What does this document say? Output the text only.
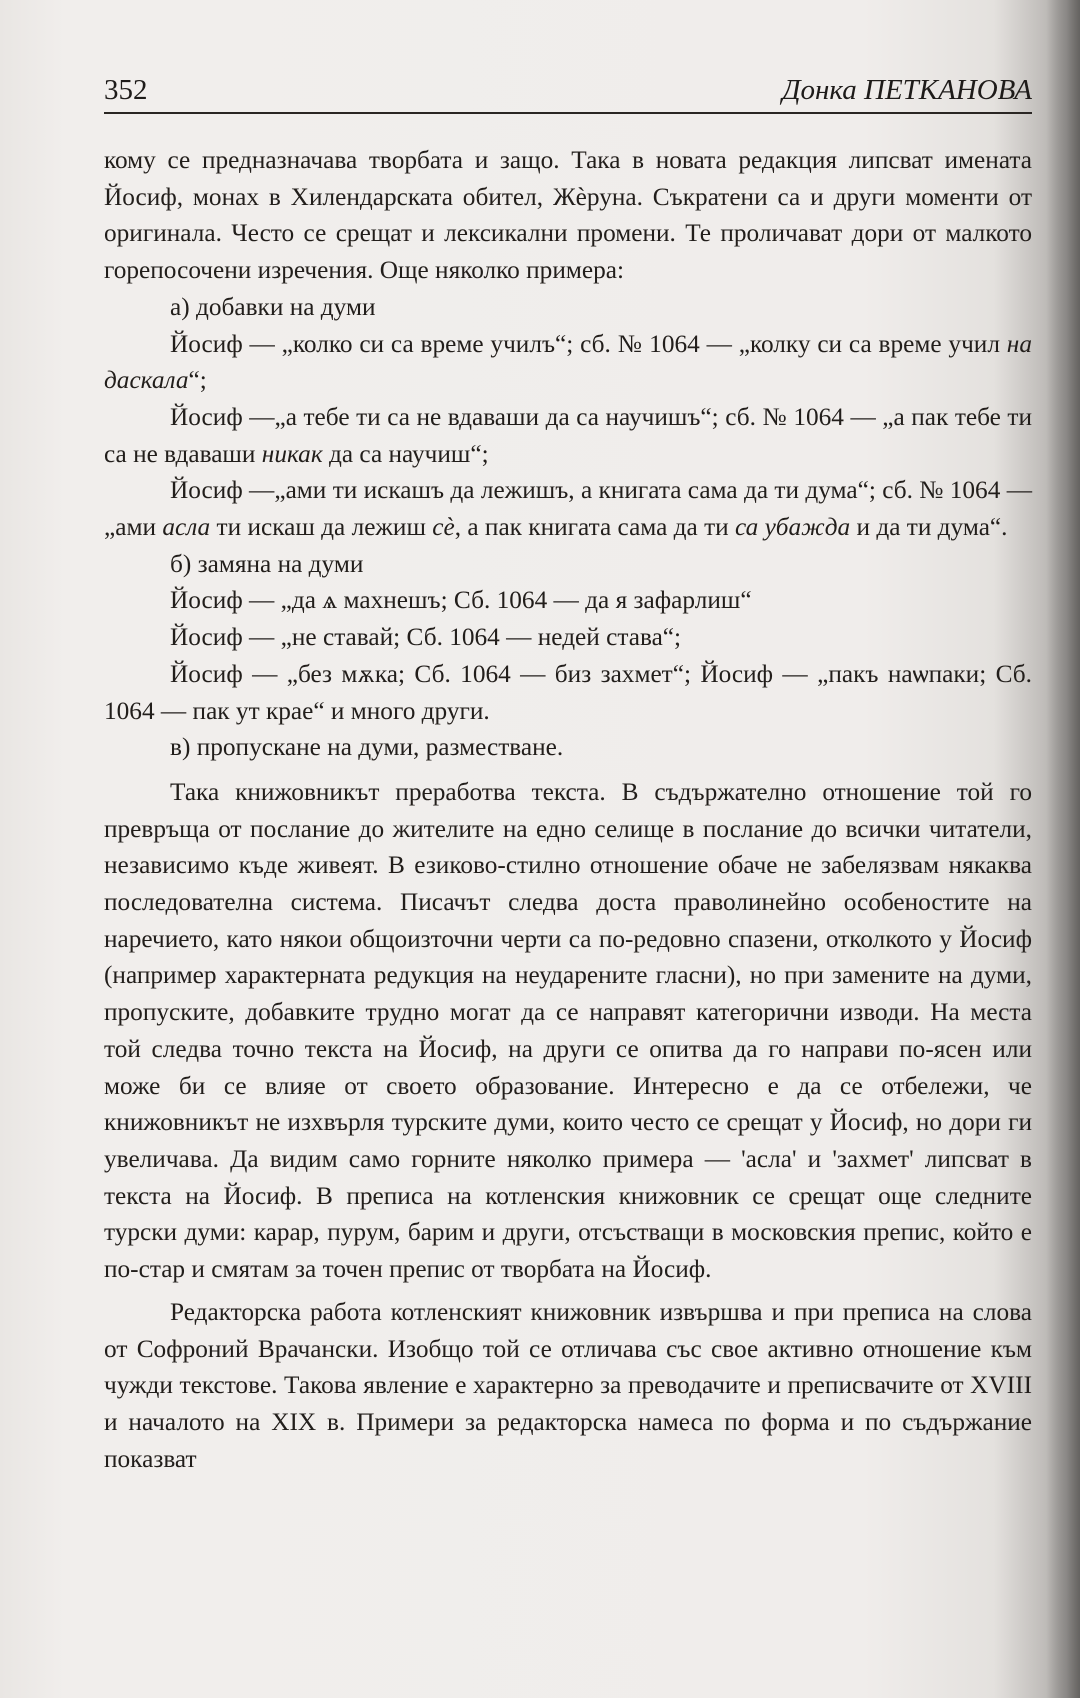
352	Донка ПЕТКАНОВА

кому се предназначава творбата и защо. Така в новата редакция липсват имената Йосиф, монах в Хилендарската обител, Жѐруна. Съкратени са и други моменти от оригинала. Често се срещат и лексикални промени. Те проличават дори от малкото горепосочени изречения. Още няколко примера:

а) добавки на думи

Йосиф — „колко си са време училъ“; сб. № 1064 — „колку си са време учил на даскала“;

Йосиф —„а тебе ти са не вдаваши да са научишъ“; сб. № 1064 — „а пак тебе ти са не вдаваши никак да са научиш“;

Йосиф —„ами ти искашъ да лежишъ, а книгата сама да ти дума“; сб. № 1064 — „ами асла ти искаш да лежиш сѐ, а пак книгата сама да ти са убажда и да ти дума“.

б) замяна на думи

Йосиф — „да ѧ махнешъ; Сб. 1064 — да я зафарлиш“

Йосиф — „не ставай; Сб. 1064 — недей става“;

Йосиф — „без мѫка; Сб. 1064 — биз захмет“; Йосиф — „пакъ наѡпаки; Сб. 1064 — пак ут крае“ и много други.

в) пропускане на думи, разместване.

Така книжовникът преработва текста. В съдържателно отношение той го превръща от послание до жителите на едно селище в послание до всички читатели, независимо къде живеят. В езиково-стилно отношение обаче не забелязвам някаква последователна система. Писачът следва доста праволинейно особеностите на наречието, като някои общоизточни черти са по-редовно спазени, отколкото у Йосиф (например характерната редукция на неударените гласни), но при замените на думи, пропуските, добавките трудно могат да се направят категорични изводи. На места той следва точно текста на Йосиф, на други се опитва да го направи по-ясен или може би се влияе от своето образование. Интересно е да се отбележи, че книжовникът не изхвърля турските думи, които често се срещат у Йосиф, но дори ги увеличава. Да видим само горните няколко примера — 'асла' и 'захмет' липсват в текста на Йосиф. В преписа на котленския книжовник се срещат още следните турски думи: карар, пурум, барим и други, отсъстващи в московския препис, който е по-стар и смятам за точен препис от творбата на Йосиф.

Редакторска работа котленският книжовник извършва и при преписа на слова от Софроний Врачански. Изобщо той се отличава със свое активно отношение към чужди текстове. Такова явление е характерно за преводачите и преписвачите от XVIII и началото на XIX в. Примери за редакторска намеса по форма и по съдържание показват
